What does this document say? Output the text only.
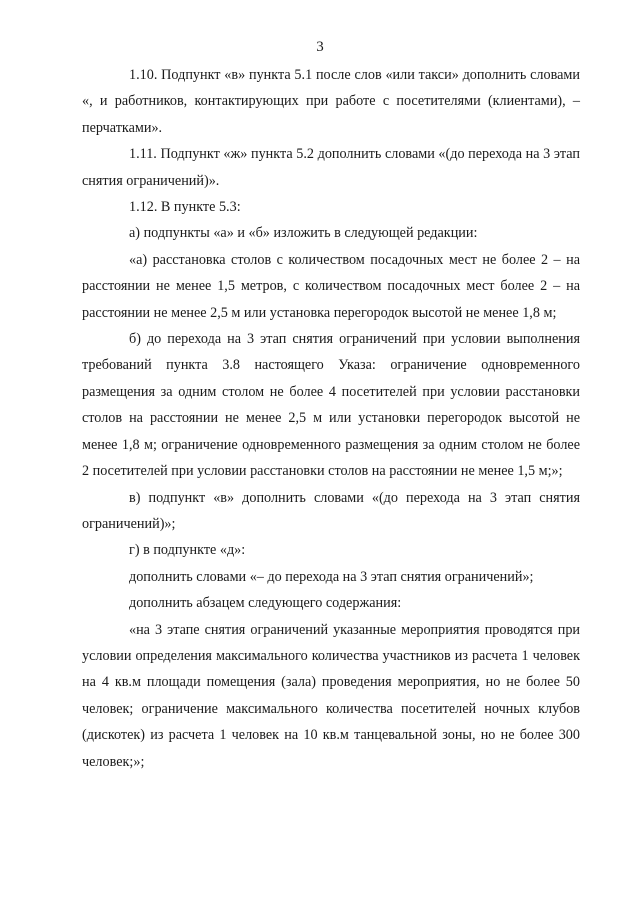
3

1.10. Подпункт «в» пункта 5.1 после слов «или такси» дополнить словами «, и работников, контактирующих при работе с посетителями (клиентами), – перчатками».

1.11. Подпункт «ж» пункта 5.2 дополнить словами «(до перехода на 3 этап снятия ограничений)».

1.12. В пункте 5.3:

а) подпункты «а» и «б» изложить в следующей редакции:

«а) расстановка столов с количеством посадочных мест не более 2 – на расстоянии не менее 1,5 метров, с количеством посадочных мест более 2 – на расстоянии не менее 2,5 м или установка перегородок высотой не менее 1,8 м;

б) до перехода на 3 этап снятия ограничений при условии выполнения требований пункта 3.8 настоящего Указа: ограничение одновременного размещения за одним столом не более 4 посетителей при условии расстановки столов на расстоянии не менее 2,5 м или установки перегородок высотой не менее 1,8 м; ограничение одновременного размещения за одним столом не более 2 посетителей при условии расстановки столов на расстоянии не менее 1,5 м;»;

в) подпункт «в» дополнить словами «(до перехода на 3 этап снятия ограничений)»;

г) в подпункте «д»:

дополнить словами «– до перехода на 3 этап снятия ограничений»;

дополнить абзацем следующего содержания:

«на 3 этапе снятия ограничений указанные мероприятия проводятся при условии определения максимального количества участников из расчета 1 человек на 4 кв.м площади помещения (зала) проведения мероприятия, но не более 50 человек; ограничение максимального количества посетителей ночных клубов (дискотек) из расчета 1 человек на 10 кв.м танцевальной зоны, но не более 300 человек;»;
